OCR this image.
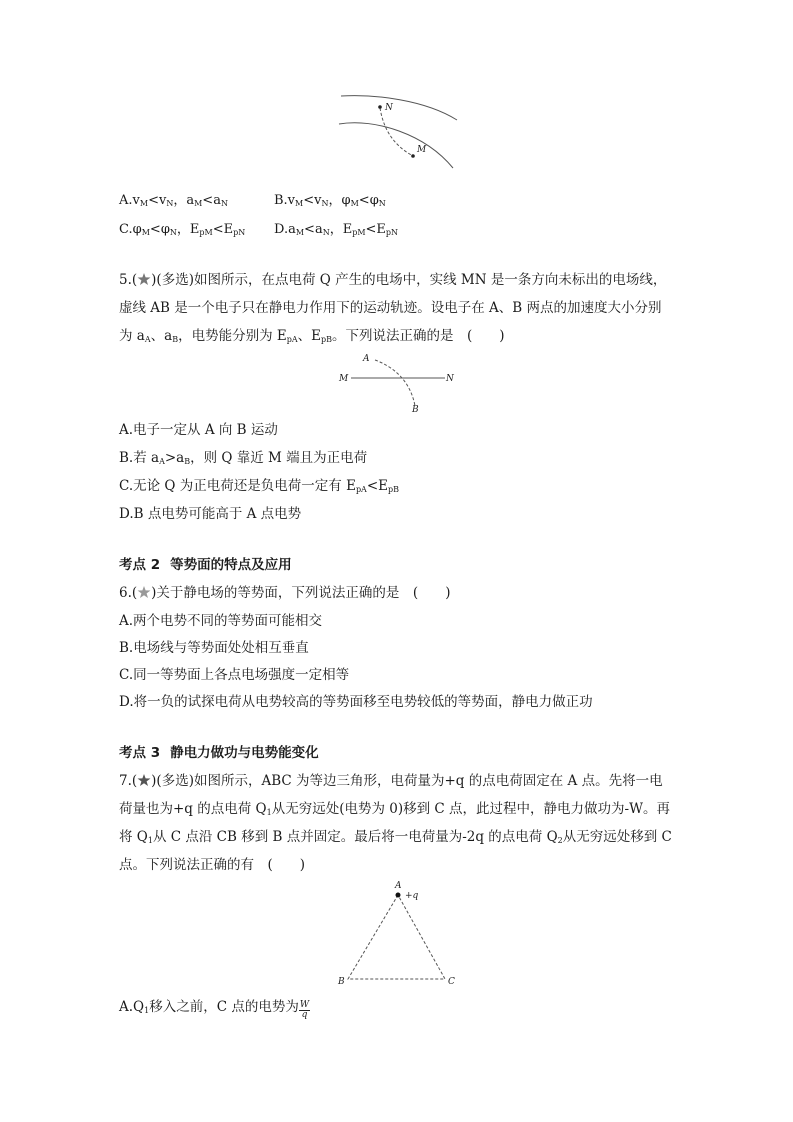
N
M
$A.v_M<v_N$，$a_M<a_N$	$B.v_M<v_N$，$\varphi_M<\varphi_N$
$C.\varphi_M<\varphi_N$，$E_{pM}<E_{pN}$ $D.a_M<a_N$，$E_{pM}<E_{pN}$
5.( )(多选)如图所示，在点电荷 Q 产生的电场中，实线 MN 是一条方向未标出的电场线，
虚线 AB 是一个电子只在静电力作用下的运动轨迹。设电子在 A、B 两点的加速度大小分别
为 $a_A$、$a_B$，电势能分别为 $E_{pA}$、$E_{pB}$。下列说法正确的是　(　　)
A
M	N
B
A.电子一定从 A 向 B 运动
B.若 $a_A>a_B$，则 Q 靠近 M 端且为正电荷
C.无论 Q 为正电荷还是负电荷一定有 $E_{pA}<E_{pB}$
D.B 点电势可能高于 A 点电势
考点 2 等势面的特点及应用
6.( )关于静电场的等势面，下列说法正确的是　(　　)
A.两个电势不同的等势面可能相交
B.电场线与等势面处处相互垂直
C.同一等势面上各点电场强度一定相等
D.将一负的试探电荷从电势较高的等势面移至电势较低的等势面，静电力做正功
考点 3 静电力做功与电势能变化
7.( )(多选)如图所示，ABC 为等边三角形，电荷量为+q 的点电荷固定在 A 点。先将一电
荷量也为+q 的点电荷 $Q_1$从无穷远处(电势为 0)移到 C 点，此过程中，静电力做功为-W。再
将 $Q_1$从 C 点沿 CB 移到 B 点并固定。最后将一电荷量为-2q 的点电荷 $Q_2$从无穷远处移到 C
点。下列说法正确的有　(　　)
A
+q
B	C
$A.Q_1$移入之前，C 点的电势为 $\frac{W}{q}$
